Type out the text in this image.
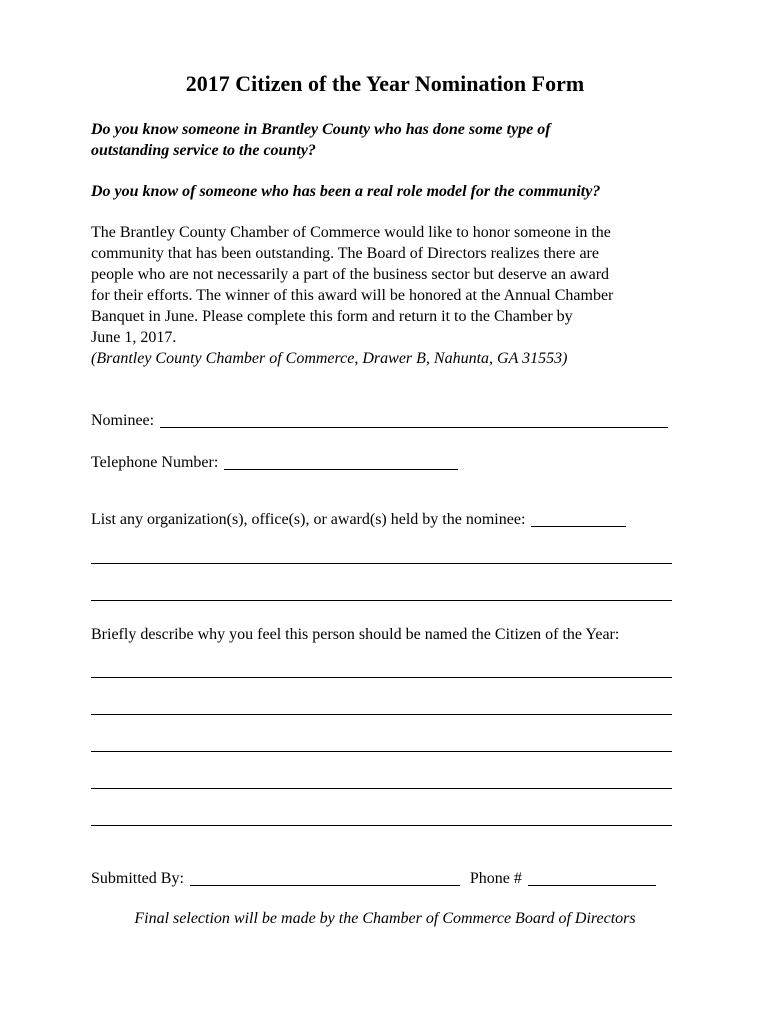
2017 Citizen of the Year Nomination Form
Do you know someone in Brantley County who has done some type of
outstanding service to the county?
Do you know of someone who has been a real role model for the community?
The Brantley County Chamber of Commerce would like to honor someone in the
community that has been outstanding. The Board of Directors realizes there are
people who are not necessarily a part of the business sector but deserve an award
for their efforts. The winner of this award will be honored at the Annual Chamber
Banquet in June. Please complete this form and return it to the Chamber by
June 1, 2017.
(Brantley County Chamber of Commerce, Drawer B, Nahunta, GA 31553)
Nominee:
Telephone Number:
List any organization(s), office(s), or award(s) held by the nominee:
Briefly describe why you feel this person should be named the Citizen of the Year:
Submitted By:	Phone #
Final selection will be made by the Chamber of Commerce Board of Directors
